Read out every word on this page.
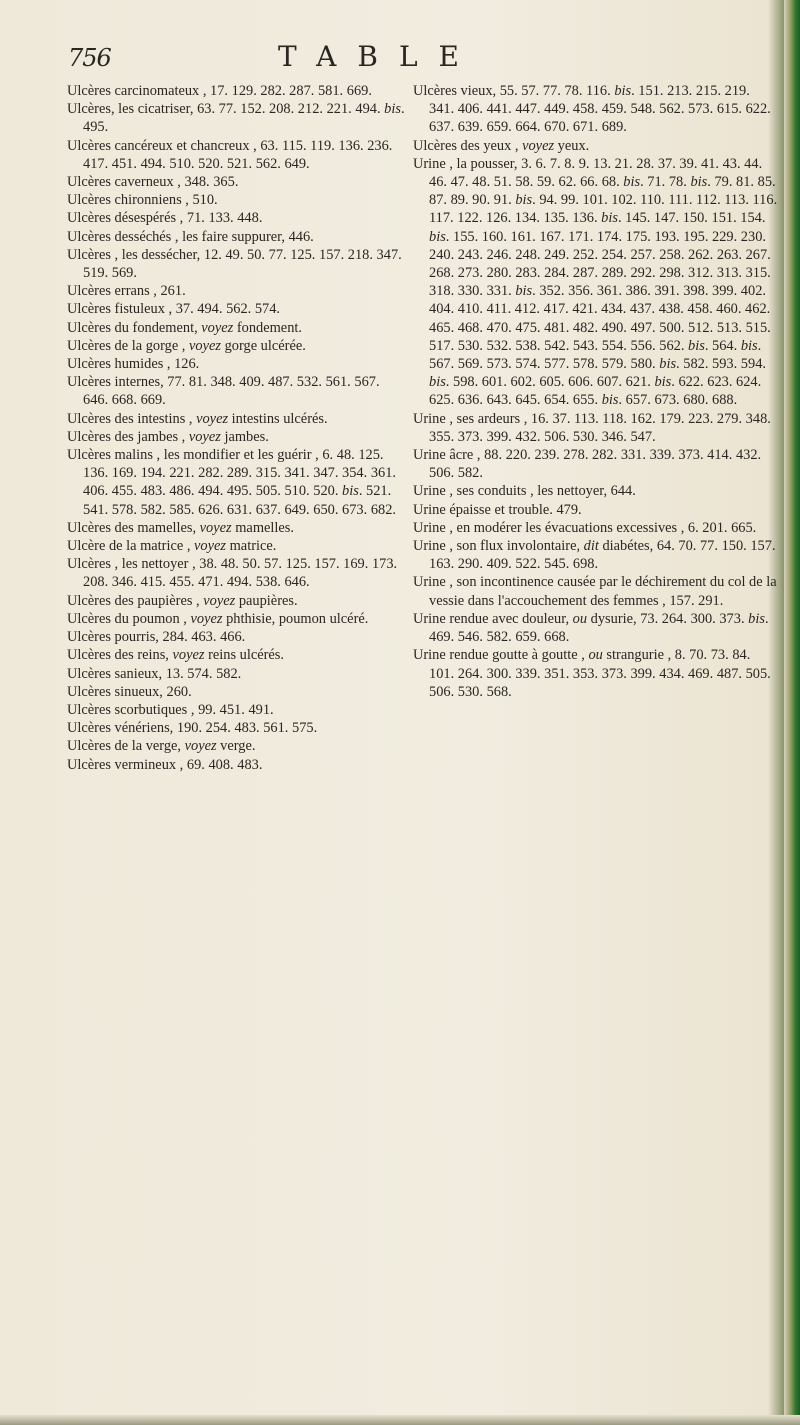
756	TABLE

Ulcères carcinomateux , 17. 129. 282. 287. 581. 669.

Ulcères, les cicatriser, 63. 77. 152. 208. 212. 221. 494. bis. 495.

Ulcères cancéreux et chancreux , 63. 115. 119. 136. 236. 417. 451. 494. 510. 520. 521. 562. 649.

Ulcères caverneux , 348. 365.

Ulcères chironniens , 510.

Ulcères désespérés , 71. 133. 448.

Ulcères desséchés , les faire suppurer, 446.

Ulcères , les dessécher, 12. 49. 50. 77. 125. 157. 218. 347. 519. 569.

Ulcères errans , 261.

Ulcères fistuleux , 37. 494. 562. 574.

Ulcères du fondement, voyez fondement.

Ulcères de la gorge , voyez gorge ulcérée.

Ulcères humides , 126.

Ulcères internes, 77. 81. 348. 409. 487. 532. 561. 567. 646. 668. 669.

Ulcères des intestins , voyez intestins ulcérés.

Ulcères des jambes , voyez jambes.

Ulcères malins , les mondifier et les guérir , 6. 48. 125. 136. 169. 194. 221. 282. 289. 315. 341. 347. 354. 361. 406. 455. 483. 486. 494. 495. 505. 510. 520. bis. 521. 541. 578. 582. 585. 626. 631. 637. 649. 650. 673. 682.

Ulcères des mamelles, voyez mamelles.

Ulcère de la matrice , voyez matrice.

Ulcères , les nettoyer , 38. 48. 50. 57. 125. 157. 169. 173. 208. 346. 415. 455. 471. 494. 538. 646.

Ulcères des paupières , voyez paupières.

Ulcères du poumon , voyez phthisie, poumon ulcéré.

Ulcères pourris, 284. 463. 466.

Ulcères des reins, voyez reins ulcérés.

Ulcères sanieux, 13. 574. 582.

Ulcères sinueux, 260.

Ulcères scorbutiques , 99. 451. 491.

Ulcères vénériens, 190. 254. 483. 561. 575.

Ulcères de la verge, voyez verge.

Ulcères vermineux , 69. 408. 483.

Ulcères vieux, 55. 57. 77. 78. 116. bis. 151. 213. 215. 219. 341. 406. 441. 447. 449. 458. 459. 548. 562. 573. 615. 622. 637. 639. 659. 664. 670. 671. 689.

Ulcères des yeux , voyez yeux.

Urine , la pousser, 3. 6. 7. 8. 9. 13. 21. 28. 37. 39. 41. 43. 44. 46. 47. 48. 51. 58. 59. 62. 66. 68. bis. 71. 78. bis. 79. 81. 85. 87. 89. 90. 91. bis. 94. 99. 101. 102. 110. 111. 112. 113. 116. 117. 122. 126. 134. 135. 136. bis. 145. 147. 150. 151. 154. bis. 155. 160. 161. 167. 171. 174. 175. 193. 195. 229. 230. 240. 243. 246. 248. 249. 252. 254. 257. 258. 262. 263. 267. 268. 273. 280. 283. 284. 287. 289. 292. 298. 312. 313. 315. 318. 330. 331. bis. 352. 356. 361. 386. 391. 398. 399. 402. 404. 410. 411. 412. 417. 421. 434. 437. 438. 458. 460. 462. 465. 468. 470. 475. 481. 482. 490. 497. 500. 512. 513. 515. 517. 530. 532. 538. 542. 543. 554. 556. 562. bis. 564. bis. 567. 569. 573. 574. 577. 578. 579. 580. bis. 582. 593. 594. bis. 598. 601. 602. 605. 606. 607. 621. bis. 622. 623. 624. 625. 636. 643. 645. 654. 655. bis. 657. 673. 680. 688.

Urine , ses ardeurs , 16. 37. 113. 118. 162. 179. 223. 279. 348. 355. 373. 399. 432. 506. 530. 346. 547.

Urine âcre , 88. 220. 239. 278. 282. 331. 339. 373. 414. 432. 506. 582.

Urine , ses conduits , les nettoyer, 644.

Urine épaisse et trouble. 479.

Urine , en modérer les évacuations excessives , 6. 201. 665.

Urine , son flux involontaire, dit diabétes, 64. 70. 77. 150. 157. 163. 290. 409. 522. 545. 698.

Urine , son incontinence causée par le déchirement du col de la vessie dans l'accouchement des femmes , 157. 291.

Urine rendue avec douleur, ou dysurie, 73. 264. 300. 373. bis. 469. 546. 582. 659. 668.

Urine rendue goutte à goutte , ou strangurie , 8. 70. 73. 84. 101. 264. 300. 339. 351. 353. 373. 399. 434. 469. 487. 505. 506. 530. 568.
